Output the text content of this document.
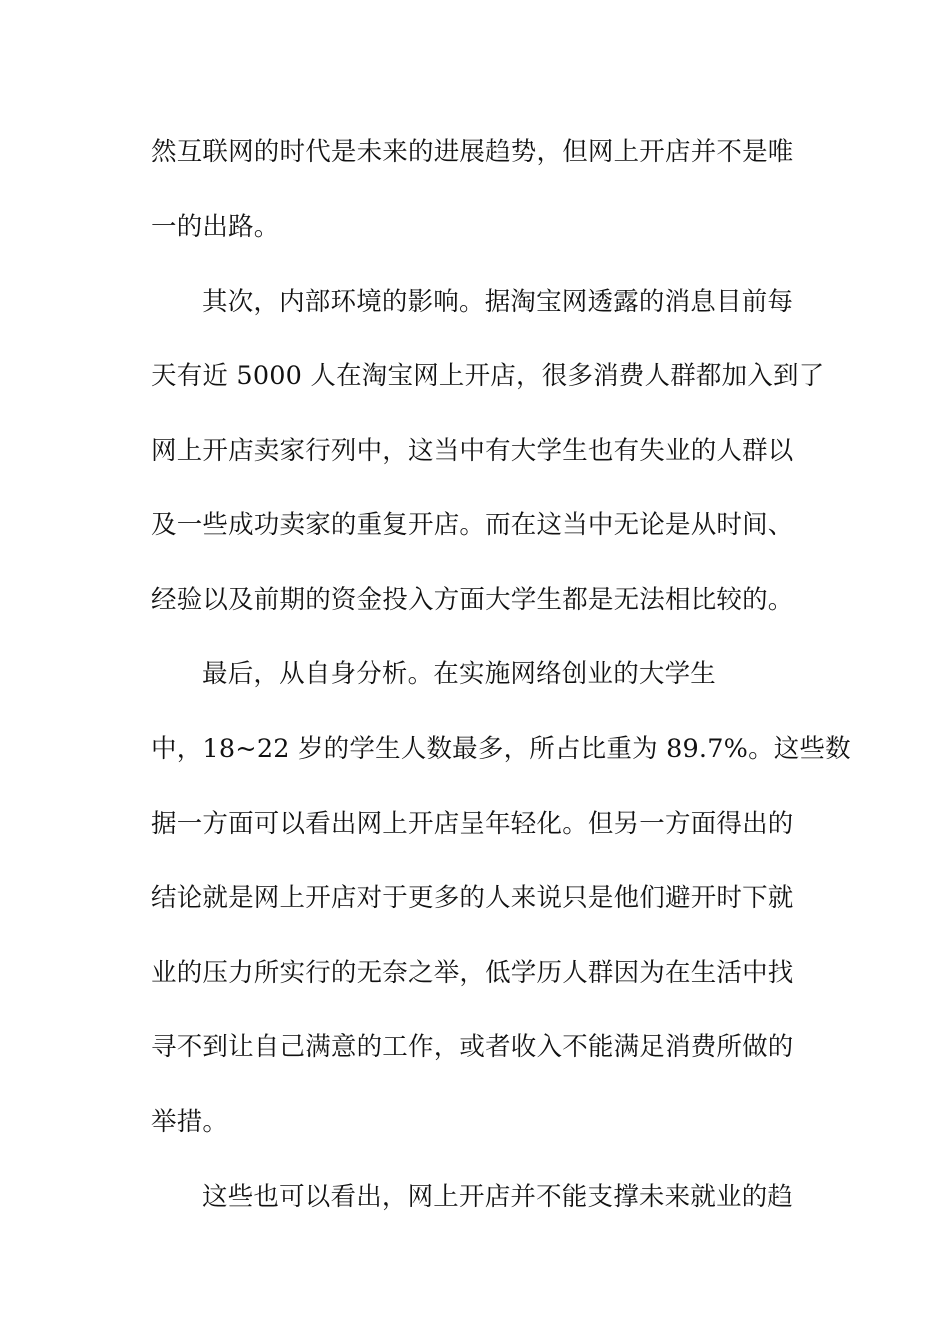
然互联网的时代是未来的进展趋势，但网上开店并不是唯
一的出路。
其次，内部环境的影响。据淘宝网透露的消息目前每
天有近 5000 人在淘宝网上开店，很多消费人群都加入到了
网上开店卖家行列中，这当中有大学生也有失业的人群以
及一些成功卖家的重复开店。而在这当中无论是从时间、
经验以及前期的资金投入方面大学生都是无法相比较的。
最后，从自身分析。在实施网络创业的大学生
中，18~22 岁的学生人数最多，所占比重为 89.7%。这些数
据一方面可以看出网上开店呈年轻化。但另一方面得出的
结论就是网上开店对于更多的人来说只是他们避开时下就
业的压力所实行的无奈之举，低学历人群因为在生活中找
寻不到让自己满意的工作，或者收入不能满足消费所做的
举措。
这些也可以看出，网上开店并不能支撑未来就业的趋
